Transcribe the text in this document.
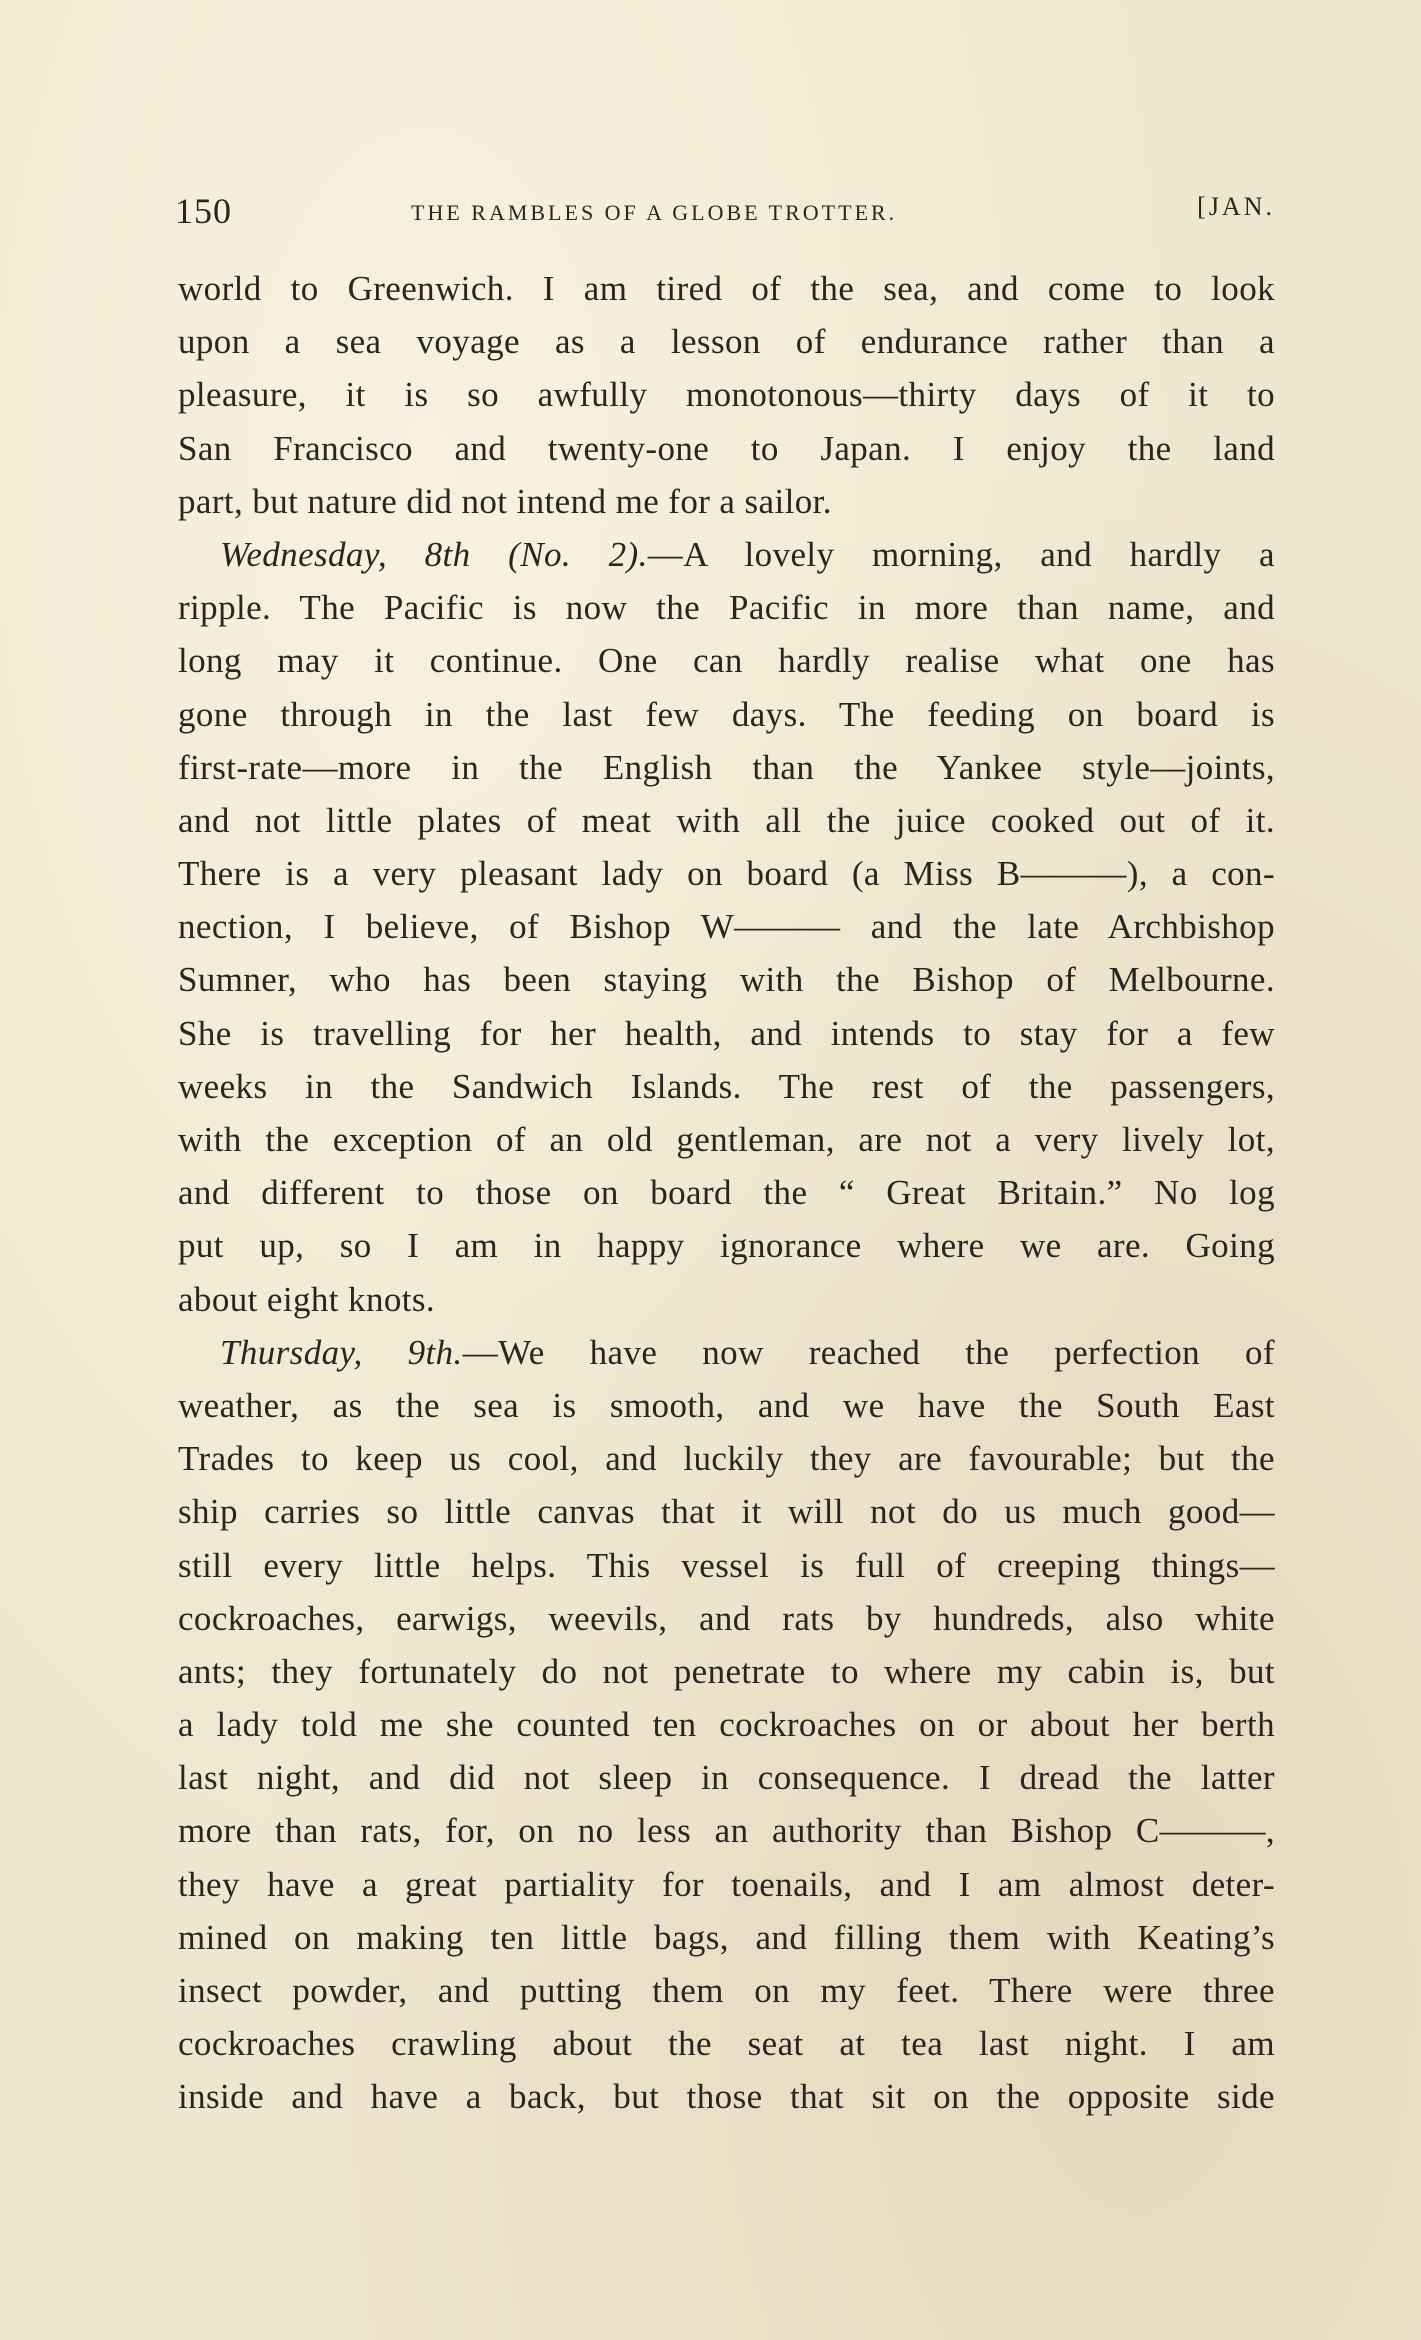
150	THE RAMBLES OF A GLOBE TROTTER.	[JAN.
world to Greenwich. I am tired of the sea, and come to look
upon a sea voyage as a lesson of endurance rather than a
pleasure, it is so awfully monotonous—thirty days of it to
San Francisco and twenty-one to Japan. I enjoy the land
part, but nature did not intend me for a sailor.
Wednesday, 8th (No. 2).—A lovely morning, and hardly a
ripple. The Pacific is now the Pacific in more than name, and
long may it continue. One can hardly realise what one has
gone through in the last few days. The feeding on board is
first-rate—more in the English than the Yankee style—joints,
and not little plates of meat with all the juice cooked out of it.
There is a very pleasant lady on board (a Miss B———), a con-
nection, I believe, of Bishop W——— and the late Archbishop
Sumner, who has been staying with the Bishop of Melbourne.
She is travelling for her health, and intends to stay for a few
weeks in the Sandwich Islands. The rest of the passengers,
with the exception of an old gentleman, are not a very lively lot,
and different to those on board the “ Great Britain.” No log
put up, so I am in happy ignorance where we are. Going
about eight knots.
Thursday, 9th.—We have now reached the perfection of
weather, as the sea is smooth, and we have the South East
Trades to keep us cool, and luckily they are favourable; but the
ship carries so little canvas that it will not do us much good—
still every little helps. This vessel is full of creeping things—
cockroaches, earwigs, weevils, and rats by hundreds, also white
ants; they fortunately do not penetrate to where my cabin is, but
a lady told me she counted ten cockroaches on or about her berth
last night, and did not sleep in consequence. I dread the latter
more than rats, for, on no less an authority than Bishop C———,
they have a great partiality for toenails, and I am almost deter-
mined on making ten little bags, and filling them with Keating’s
insect powder, and putting them on my feet. There were three
cockroaches crawling about the seat at tea last night. I am
inside and have a back, but those that sit on the opposite side
